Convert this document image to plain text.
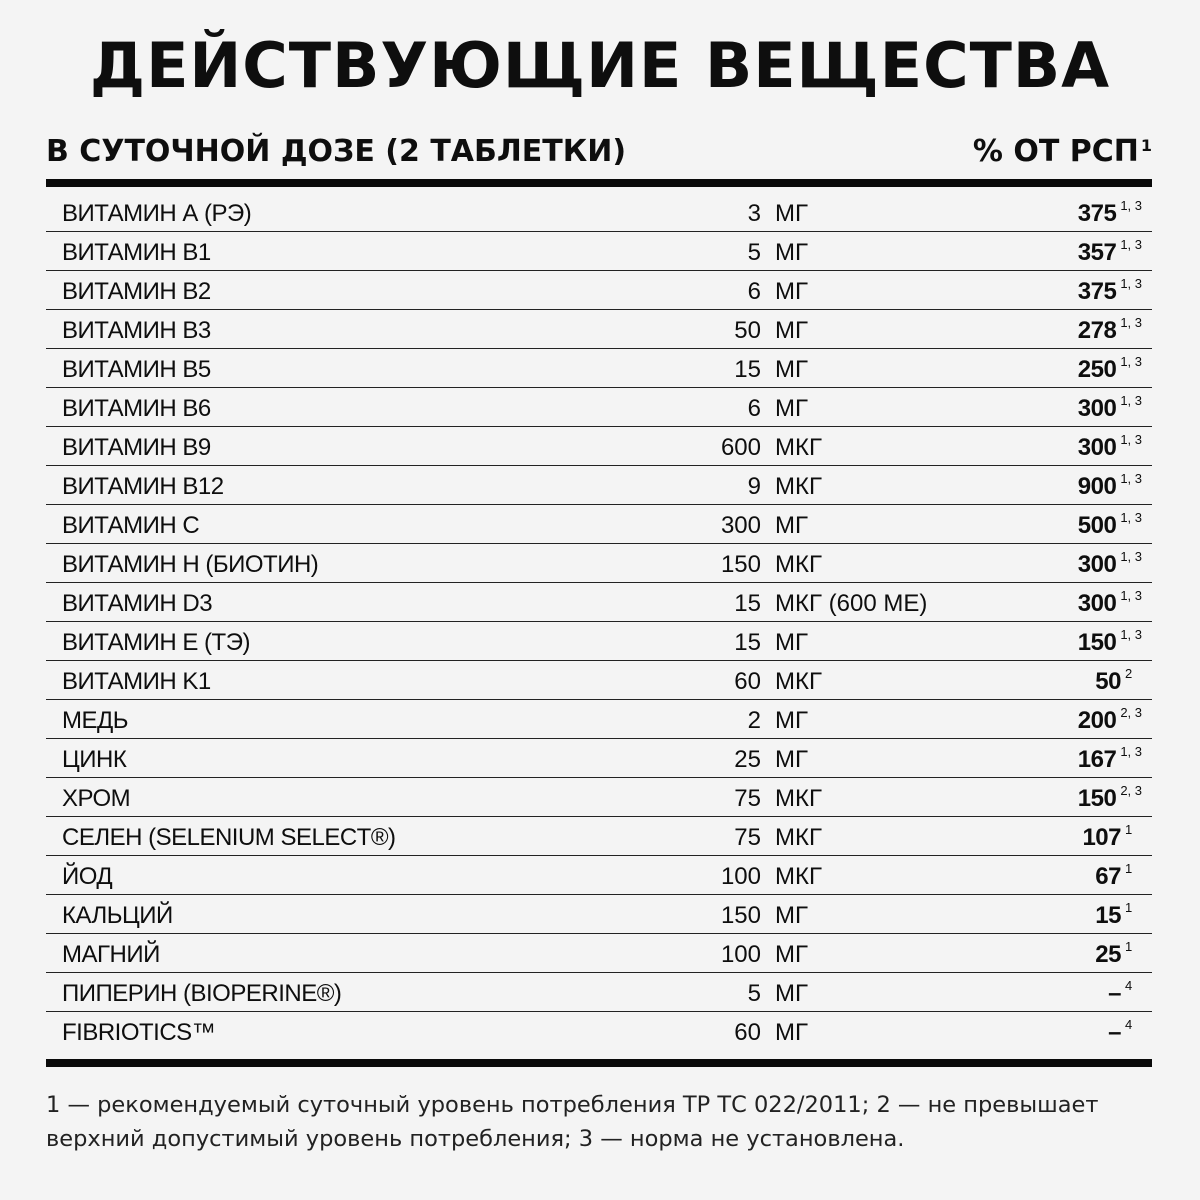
ДЕЙСТВУЮЩИЕ ВЕЩЕСТВА
В СУТОЧНОЙ ДОЗЕ (2 ТАБЛЕТКИ)	% ОТ РСП $^1$
ВИТАМИН А (РЭ)	3 МГ	375 1, 3
ВИТАМИН B1	5 МГ	357 1, 3
ВИТАМИН B2	6 МГ	375 1, 3
ВИТАМИН B3	50 МГ	278 1, 3
ВИТАМИН B5	15 МГ	250 1, 3
ВИТАМИН B6	6 МГ	300 1, 3
ВИТАМИН B9	600 МКГ	300 1, 3
ВИТАМИН B12	9 МКГ	900 1, 3
ВИТАМИН C	300 МГ	500 1, 3
ВИТАМИН H (БИОТИН)	150 МКГ	300 1, 3
ВИТАМИН D3	15 МКГ (600 МЕ)	300 1, 3
ВИТАМИН E (ТЭ)	15 МГ	150 1, 3
ВИТАМИН K1	60 МКГ	50 2
МЕДЬ	2 МГ	200 2, 3
ЦИНК	25 МГ	167 1, 3
ХРОМ	75 МКГ	150 2, 3
СЕЛЕН (SELENIUM SELECT®)	75 МКГ	107 1
ЙОД	100 МКГ	67 1
КАЛЬЦИЙ	150 МГ	15 1
МАГНИЙ	100 МГ	25 1
ПИПЕРИН (BIOPERINE®)	5 МГ	– 4
FIBRIOTICS™	60 МГ	– 4
1 — рекомендуемый суточный уровень потребления ТР ТС 022/2011; 2 — не превышает верхний допустимый уровень потребления; 3 — норма не установлена.
